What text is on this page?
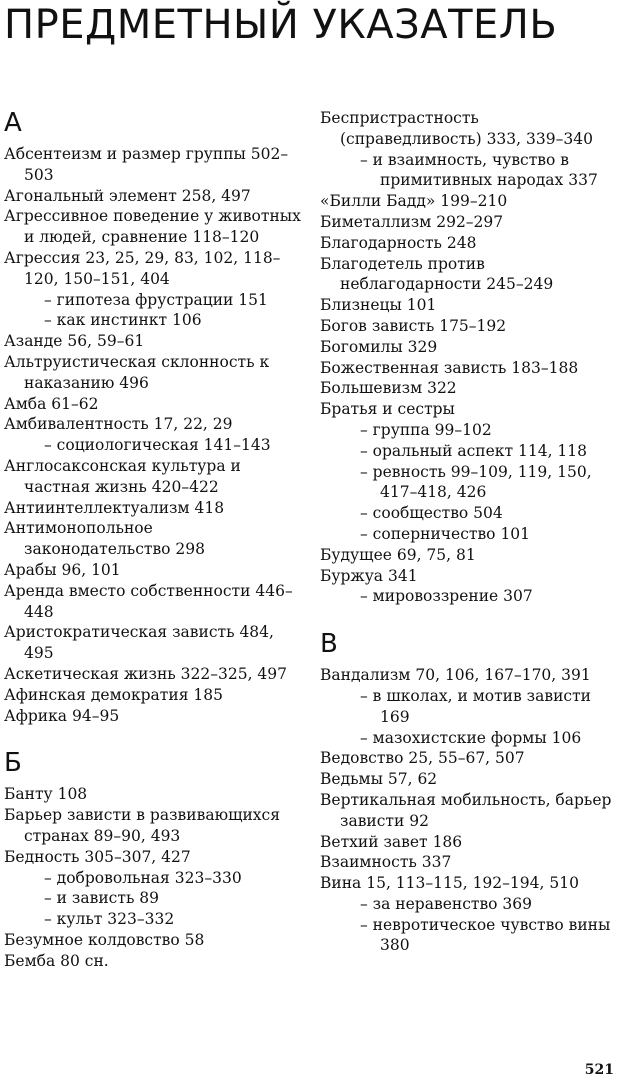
ПРЕДМЕТНЫЙ УКАЗАТЕЛЬ
А
Абсентеизм и размер группы 502–503
Агональный элемент 258, 497
Агрессивное поведение у животных и людей, сравнение 118–120
Агрессия 23, 25, 29, 83, 102, 118–120, 150–151, 404
– гипотеза фрустрации 151
– как инстинкт 106
Азанде 56, 59–61
Альтруистическая склонность к наказанию 496
Амба 61–62
Амбивалентность 17, 22, 29
– социологическая 141–143
Англосаксонская культура и частная жизнь 420–422
Антиинтеллектуализм 418
Антимонопольное законодательство 298
Арабы 96, 101
Аренда вместо собственности 446–448
Аристократическая зависть 484, 495
Аскетическая жизнь 322–325, 497
Афинская демократия 185
Африка 94–95
Б
Банту 108
Барьер зависти в развивающихся странах 89–90, 493
Бедность 305–307, 427
– добровольная 323–330
– и зависть 89
– культ 323–332
Безумное колдовство 58
Бемба 80 сн.
Беспристрастность (справедливость) 333, 339–340
– и взаимность, чувство в примитивных народах 337
«Билли Бадд» 199–210
Биметаллизм 292–297
Благодарность 248
Благодетель против неблагодарности 245–249
Близнецы 101
Богов зависть 175–192
Богомилы 329
Божественная зависть 183–188
Большевизм 322
Братья и сестры
– группа 99–102
– оральный аспект 114, 118
– ревность 99–109, 119, 150, 417–418, 426
– сообщество 504
– соперничество 101
Будущее 69, 75, 81
Буржуа 341
– мировоззрение 307
В
Вандализм 70, 106, 167–170, 391
– в школах, и мотив зависти 169
– мазохистские формы 106
Ведовство 25, 55–67, 507
Ведьмы 57, 62
Вертикальная мобильность, барьер зависти 92
Ветхий завет 186
Взаимность 337
Вина 15, 113–115, 192–194, 510
– за неравенство 369
– невротическое чувство вины 380
521
